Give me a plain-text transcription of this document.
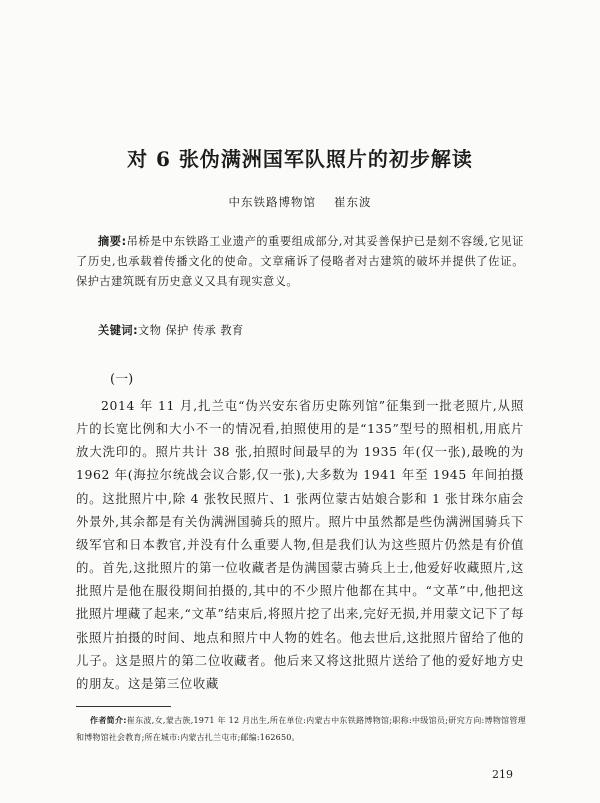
对 6 张伪满洲国军队照片的初步解读

中东铁路博物馆 崔东波

摘要:吊桥是中东铁路工业遗产的重要组成部分,对其妥善保护已是刻不容缓,它见证了历史,也承载着传播文化的使命。文章痛诉了侵略者对古建筑的破坏并提供了佐证。保护古建筑既有历史意义又具有现实意义。

关键词:文物 保护 传承 教育

(一)

2014 年 11 月,扎兰屯“伪兴安东省历史陈列馆”征集到一批老照片,从照片的长宽比例和大小不一的情况看,拍照使用的是“135”型号的照相机,用底片放大洗印的。照片共计 38 张,拍照时间最早的为 1935 年(仅一张),最晚的为 1962 年(海拉尔统战会议合影,仅一张),大多数为 1941 年至 1945 年间拍摄的。这批照片中,除 4 张牧民照片、1 张两位蒙古姑娘合影和 1 张甘珠尔庙会外景外,其余都是有关伪满洲国骑兵的照片。照片中虽然都是些伪满洲国骑兵下级军官和日本教官,并没有什么重要人物,但是我们认为这些照片仍然是有价值的。首先,这批照片的第一位收藏者是伪满国蒙古骑兵上士,他爱好收藏照片,这批照片是他在服役期间拍摄的,其中的不少照片他都在其中。“文革”中,他把这批照片埋藏了起来,“文革”结束后,将照片挖了出来,完好无损,并用蒙文记下了每张照片拍摄的时间、地点和照片中人物的姓名。他去世后,这批照片留给了他的儿子。这是照片的第二位收藏者。他后来又将这批照片送给了他的爱好地方史的朋友。这是第三位收藏

作者简介:崔东波,女,蒙古族,1971 年 12 月出生,所在单位:内蒙古中东铁路博物馆;职称:中级馆员;研究方向:博物馆管理和博物馆社会教育;所在城市:内蒙古扎兰屯市;邮编:162650。

219
